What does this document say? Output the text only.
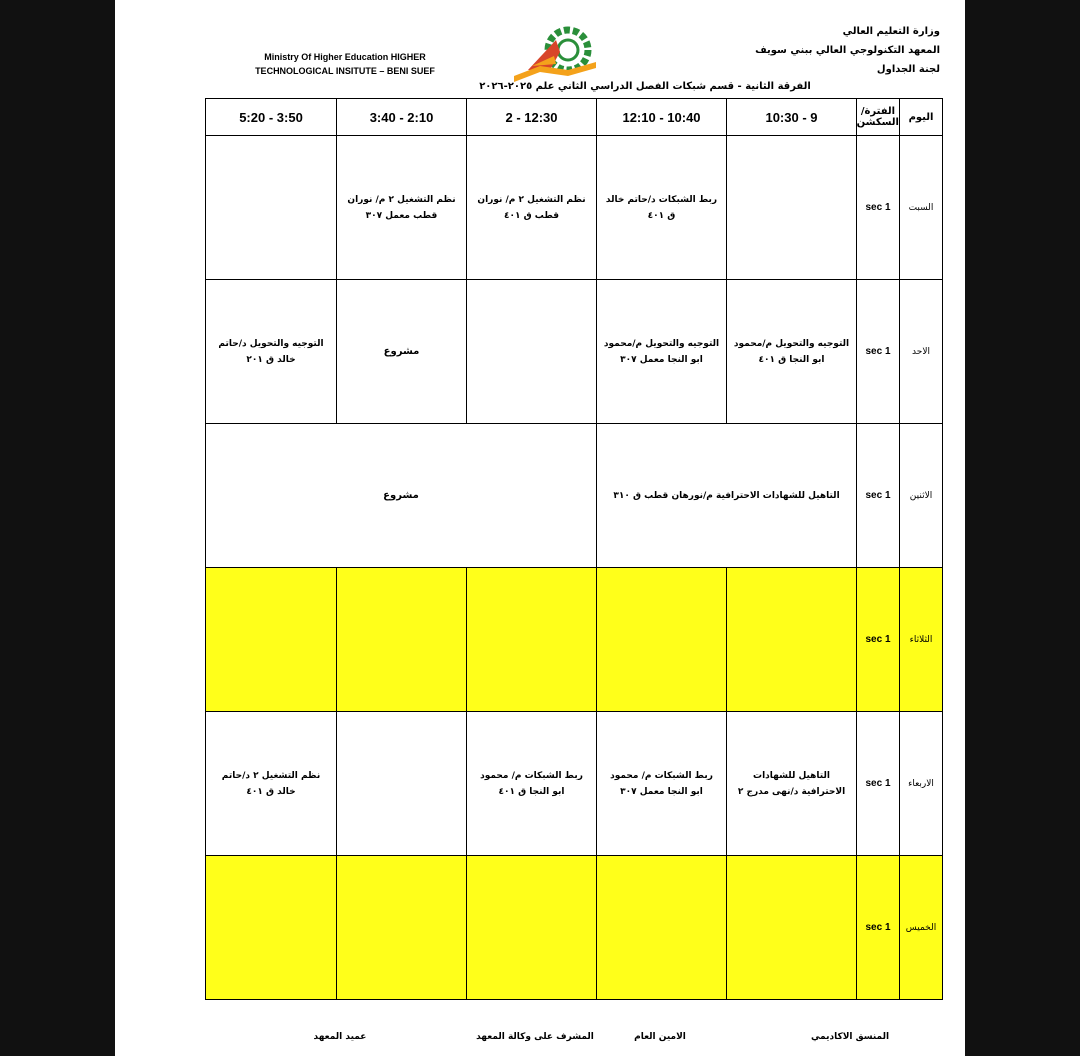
وزارة التعليم العالي
المعهد التكنولوجي العالي ببني سويف
لجنة الجداول
Ministry Of Higher Education HIGHER
TECHNOLOGICAL INSITUTE – BENI SUEF
الفرقة الثانية - قسم شبكات الفصل الدراسي الثاني علم ٢٠٢٥-٢٠٢٦
اليوم	الفترة/ السكشن	9 - 10:30	10:40 - 12:10	12:30 - 2	2:10 - 3:40	3:50 - 5:20
السبت	sec 1		ربط الشبكات د/حاتم خالد ق ٤٠١	نظم التشغيل ٢ م/ نوران قطب ق ٤٠١	نظم التشغيل ٢ م/ نوران قطب معمل ٣٠٧	

الاحد	sec 1	التوجيه والتحويل م/محمود ابو النجا ق ٤٠١	التوجيه والتحويل م/محمود ابو النجا معمل ٣٠٧		مشروع	التوجيه والتحويل د/حاتم خالد ق ٢٠١

الاثنين	sec 1	التاهيل للشهادات الاحترافية م/نورهان قطب ق ٣١٠		مشروع		

الثلاثاء	sec 1					
الاربعاء	sec 1	التاهيل للشهادات الاحترافية د/نهى مدرج ٢	ربط الشبكات م/ محمود ابو النجا معمل ٣٠٧	ربط الشبكات م/ محمود ابو النجا ق ٤٠١		نظم التشغيل ٢ د/حاتم خالد ق ٤٠١

الخميس	sec 1					
المنسق الاكاديمي
الامين العام
المشرف على وكالة المعهد
عميد المعهد
